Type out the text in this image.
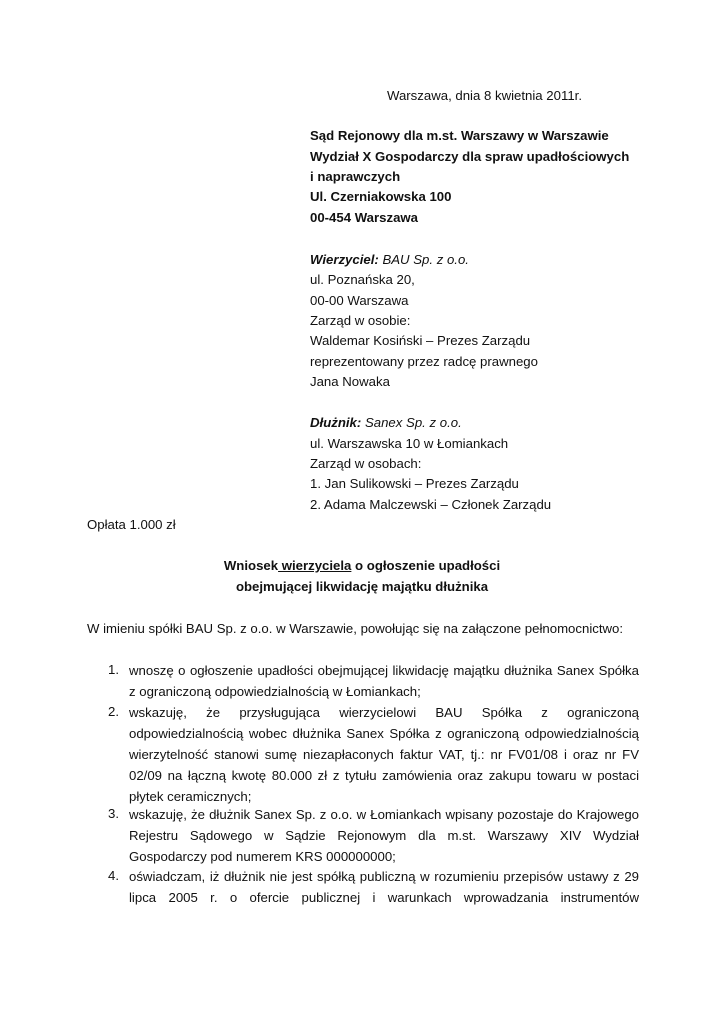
Warszawa, dnia 8 kwietnia 2011r.
Sąd Rejonowy dla m.st. Warszawy w Warszawie
Wydział X Gospodarczy dla spraw upadłościowych
i naprawczych
Ul. Czerniakowska 100
00-454 Warszawa
Wierzyciel: BAU Sp. z o.o.
ul. Poznańska 20,
00-00 Warszawa
Zarząd w osobie:
Waldemar Kosiński – Prezes Zarządu
reprezentowany przez radcę prawnego
Jana Nowaka
Dłużnik: Sanex Sp. z o.o.
ul. Warszawska 10 w Łomiankach
Zarząd w osobach:
1. Jan Sulikowski – Prezes Zarządu
2. Adama Malczewski – Członek Zarządu
Opłata 1.000 zł
Wniosek wierzyciela o ogłoszenie upadłości
obejmującej likwidację majątku dłużnika
W imieniu spółki BAU Sp. z o.o. w Warszawie, powołując się na załączone pełnomocnictwo:
1. wnoszę o ogłoszenie upadłości obejmującej likwidację majątku dłużnika Sanex Spółka
z ograniczoną odpowiedzialnością w Łomiankach;
2. wskazuję, że przysługująca wierzycielowi BAU Spółka z ograniczoną
odpowiedzialnością wobec dłużnika Sanex Spółka z ograniczoną odpowiedzialnością
wierzytelność stanowi sumę niezapłaconych faktur VAT, tj.: nr FV01/08 i oraz nr FV
02/09 na łączną kwotę 80.000 zł z tytułu zamówienia oraz zakupu towaru w postaci
płytek ceramicznych;
3. wskazuję, że dłużnik Sanex Sp. z o.o. w Łomiankach wpisany pozostaje do Krajowego
Rejestru Sądowego w Sądzie Rejonowym dla m.st. Warszawy XIV Wydział
Gospodarczy pod numerem KRS 000000000;
4. oświadczam, iż dłużnik nie jest spółką publiczną w rozumieniu przepisów ustawy z 29
lipca 2005 r. o ofercie publicznej i warunkach wprowadzania instrumentów
